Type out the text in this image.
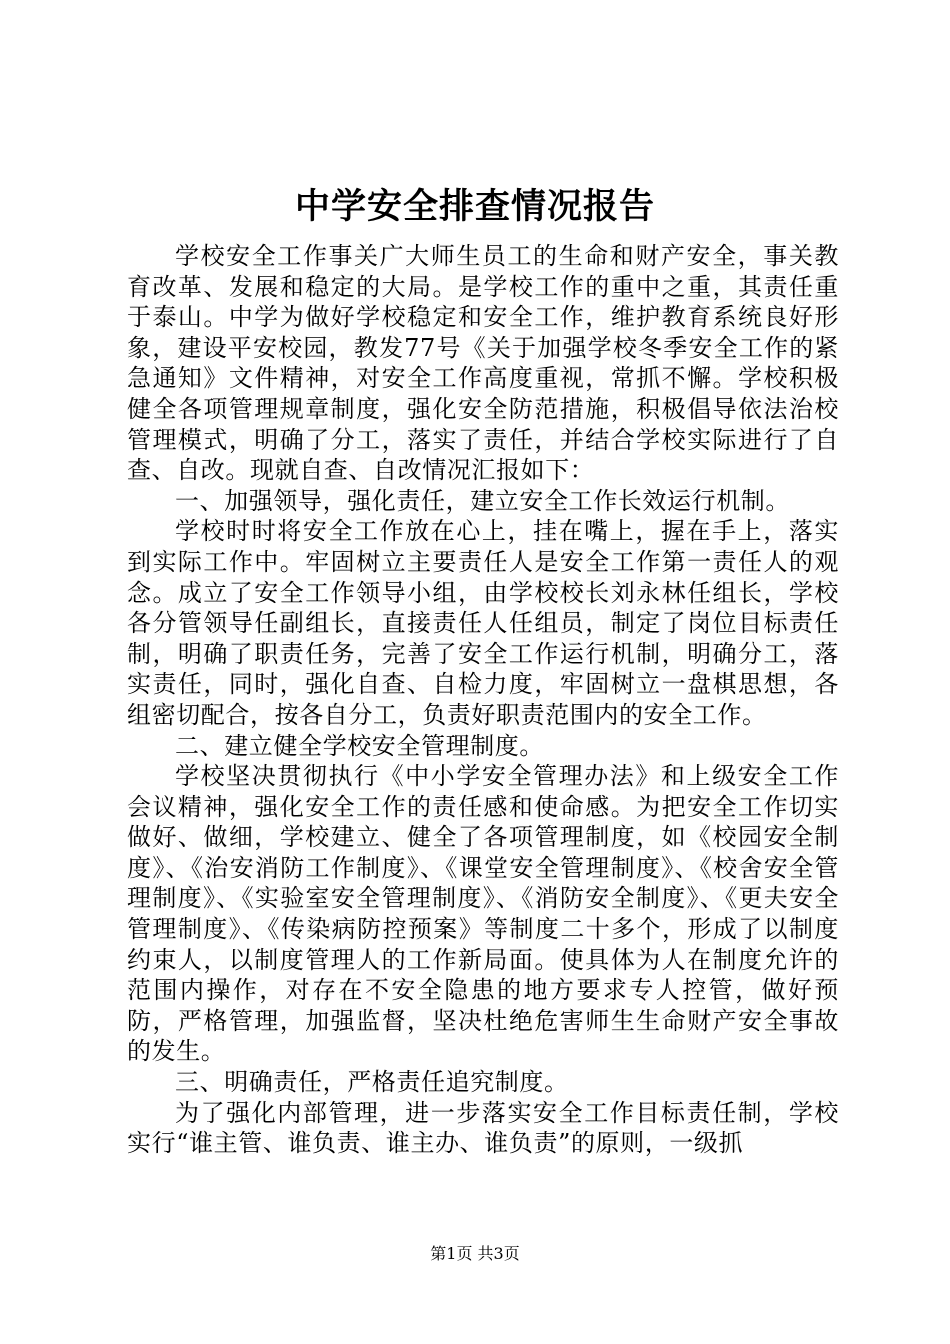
中学安全排查情况报告

学校安全工作事关广大师生员工的生命和财产安全，事关教育改革、发展和稳定的大局。是学校工作的重中之重，其责任重于泰山。中学为做好学校稳定和安全工作，维护教育系统良好形象，建设平安校园，教发77号《关于加强学校冬季安全工作的紧急通知》文件精神，对安全工作高度重视，常抓不懈。学校积极健全各项管理规章制度，强化安全防范措施，积极倡导依法治校管理模式，明确了分工，落实了责任，并结合学校实际进行了自查、自改。现就自查、自改情况汇报如下：

一、加强领导，强化责任，建立安全工作长效运行机制。

学校时时将安全工作放在心上，挂在嘴上，握在手上，落实到实际工作中。牢固树立主要责任人是安全工作第一责任人的观念。成立了安全工作领导小组，由学校校长刘永林任组长，学校各分管领导任副组长，直接责任人任组员，制定了岗位目标责任制，明确了职责任务，完善了安全工作运行机制，明确分工，落实责任，同时，强化自查、自检力度，牢固树立一盘棋思想，各组密切配合，按各自分工，负责好职责范围内的安全工作。

二、建立健全学校安全管理制度。

学校坚决贯彻执行《中小学安全管理办法》和上级安全工作会议精神，强化安全工作的责任感和使命感。为把安全工作切实做好、做细，学校建立、健全了各项管理制度，如《校园安全制度》、《治安消防工作制度》、《课堂安全管理制度》、《校舍安全管理制度》、《实验室安全管理制度》、《消防安全制度》、《更夫安全管理制度》、《传染病防控预案》等制度二十多个，形成了以制度约束人，以制度管理人的工作新局面。使具体为人在制度允许的范围内操作，对存在不安全隐患的地方要求专人控管，做好预防，严格管理，加强监督，坚决杜绝危害师生生命财产安全事故的发生。

三、明确责任，严格责任追究制度。

为了强化内部管理，进一步落实安全工作目标责任制，学校实行“谁主管、谁负责、谁主办、谁负责”的原则，一级抓

第1页 共3页
